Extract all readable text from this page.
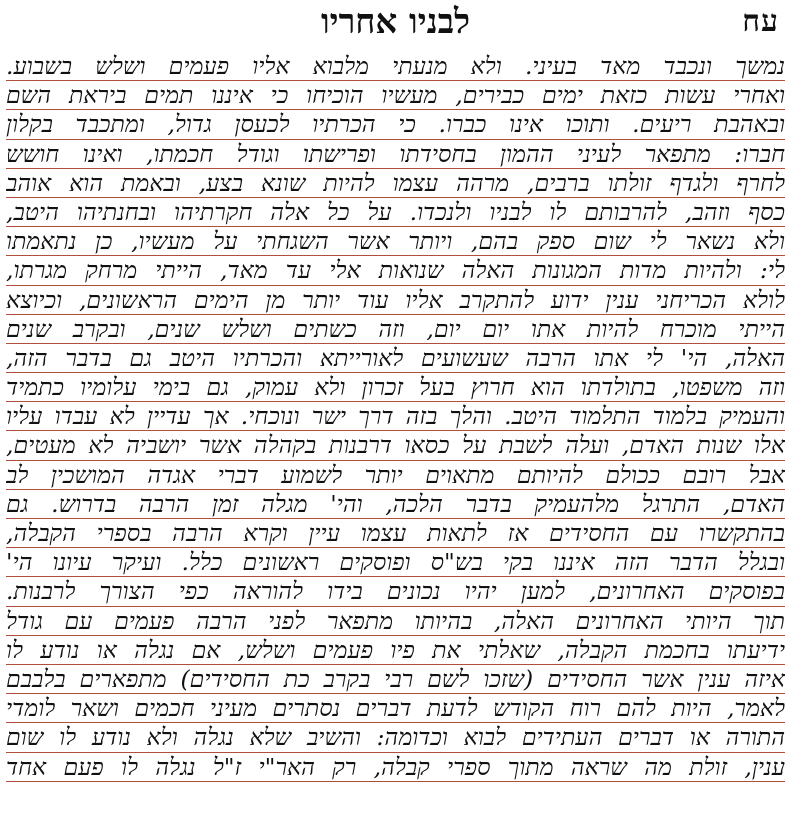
עח
לבניו אחריו
נמשך ונכבד מאד בעיני. ולא מנעתי מלבוא אליו פעמים ושלש בשבוע.
ואחרי עשות כזאת ימים כבירים, מעשיו הוכיחו כי איננו תמים ביראת השם
ובאהבת ריעים. ותוכו אינו כברו. כי הכרתיו לכעסן גדול, ומתכבד בקלון
חברו: מתפאר לעיני ההמון בחסידתו ופרישתו וגודל חכמתו, ואינו חושש
לחרף ולגדף זולתו ברבים, מרהה עצמו להיות שונא בצע, ובאמת הוא אוהב
כסף וזהב, להרבותם לו לבניו ולנכדו. על כל אלה חקרתיהו ובחנתיהו היטב,
ולא נשאר לי שום ספק בהם, ויותר אשר השגחתי על מעשיו, כן נתאמתו
לי: ולהיות מדות המגונות האלה שנואות אלי עד מאד, הייתי מרחק מגרתו,
לולא הכריחני ענין ידוע להתקרב אליו עוד יותר מן הימים הראשונים, וכיוצא
הייתי מוכרח להיות אתו יום יום, וזה כשתים ושלש שנים, ובקרב שנים
האלה, הי' לי אתו הרבה שעשועים לאורייתא והכרתיו היטב גם בדבר הזה,
וזה משפטו, בתולדתו הוא חרוץ בעל זכרון ולא עמוק, גם בימי עלומיו כתמיד
והעמיק בלמוד התלמוד היטב. והלך בזה דרך ישר ונוכחי. אך עדיין לא עבדו עליו
אלו שנות האדם, ועלה לשבת על כסאו דרבנות בקהלה אשר יושביה לא מעטים,
אבל רובם ככולם להיותם מתאוים יותר לשמוע דברי אגדה המושכין לב
האדם, התרגל מלהעמיק בדבר הלכה, והי' מגלה זמן הרבה בדרוש. גם
בהתקשרו עם החסידים אז לתאות עצמו עיין וקרא הרבה בספרי הקבלה,
ובגלל הדבר הזה איננו בקי בש"ס ופוסקים ראשונים כלל. ועיקר עיונו הי'
בפוסקים האחרונים, למען יהיו נכונים בידו להוראה כפי הצורך לרבנות.
תוך היותי האחרונים האלה, בהיותו מתפאר לפני הרבה פעמים עם גודל
ידיעתו בחכמת הקבלה, שאלתי את פיו פעמים ושלש, אם נגלה או נודע לו
איזה ענין אשר החסידים (שזכו לשם רבי בקרב כת החסידים) מתפארים בלבבם
לאמר, היות להם רוח הקודש לדעת דברים נסתרים מעיני חכמים ושאר לומדי
התורה או דברים העתידים לבוא וכדומה: והשיב שלא נגלה ולא נודע לו שום
ענין, זולת מה שראה מתוך ספרי קבלה, רק האר"י ז"ל נגלה לו פעם אחד
